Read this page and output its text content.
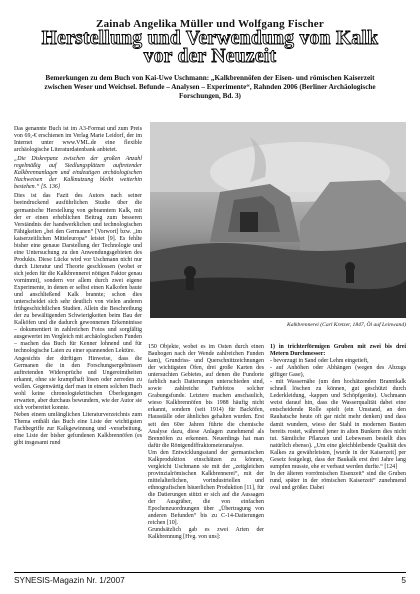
Zainab Angelika Müller und Wolfgang Fischer
Herstellung und Verwendung von Kalk
vor der Neuzeit
Bemerkungen zu dem Buch von Kai-Uwe Uschmann: „Kalkbrennöfen der Eisen- und römischen Kaiserzeit zwischen Weser und Weichsel. Befunde – Analysen – Experimente“, Rahnden 2006 (Berliner Archäologische Forschungen, Bd. 3)

Das genannte Buch ist im A3-Format und zum Preis von 69,-€ erschienen im Verlag Marie Leidorf, der im Internet unter www.VML.de eine flexible archäologische Literaturdatenbank anbietet.

„Die Diskrepanz zwischen der großen Anzahl regelmäßig auf Siedlungsplätzen auftretender Kalkbrennanlagen und eindeutigen archäologischen Nachweisen der Kalknutzung bleibt weiterhin bestehen.“ [S. 136]

Dies ist das Fazit des Autors nach seiner beeindruckend ausführlichen Studie über die germanische Herstellung von gebranntem Kalk, mit der er einen erheblichen Beitrag zum besseren Verständnis der handwerklichen und technologischen Fähigkeiten „bei den Germanen“ [Vorwort] bzw. „im kaiserzeitlichen Mitteleuropa“ leistet [9]. Es fehlte bisher eine genaue Darstellung der Technologie und eine Untersuchung zu den Anwendungsgebieten des Produkts. Diese Lücke wird vor Uschmann nicht nur durch Literatur und Theorie geschlossen (wobei er sich jeden für die Kalkbrennerei nötigen Faktor genau vornimmt), sondern vor allem durch zwei eigene Experimente, in denen er selbst einen Kalkofen baute und anschließend Kalk brannte; schon dies unterscheidet sich sehr deutlich von vielen anderen frühgeschichtlichen Studien. Allein die Beschreibung der zu bewältigenden Schwierigkeiten beim Bau der Kalköfen und die dadurch gewonnenen Erkenntnisse – dokumentiert in zahlreichen Fotos und sorgfältig ausgewertet im Vergleich mit archäologischen Funden – machen das Buch für Kenner lohnend und für technologische Laien zu einer spannenden Lektüre.

Angesichts der dürftigen Hinweise, dass die Germanen die in den Forschungsergebnissen auftretenden Widersprüche und Ungereimtheiten erkannt, ohne sie krampfhaft lösen oder zerreden zu wollen. Gegenwärtig darf man in einem solchen Buch wohl keine chronologiekritischen Überlegungen erwarten, aber durchaus bewundern, wie der Autor sie sich vorbereitet konnte.

Neben einem umfänglichen Literaturverzeichnis zum Thema enthält das Buch eine Liste der wichtigsten Fachbegriffe zur Kalkgewinnung und -verarbeitung, eine Liste der bisher gefundenen Kalkbrennöfen (es gibt insgesamt rund

Kalkbrennerei (Carl Kretzer, 1847, Öl auf Leinwand)

150 Objekte, wobei es im Osten durch einen Baubogen nach der Wende zahlreichen Funden kam), Grundriss- und Querschnittzeichnungen der wichtigsten Öfen, drei große Karten des untersuchten Gebietes, auf denen die Fundorte farblich nach Datierungen unterschieden sind, sowie zahlreiche Farbfotos solcher Grabungsfunde. Letztere machen anschaulich, wieso Kalkbrennöfen bis 1988 häufig nicht erkannt, sondern (seit 1914) für Backöfen, Hausställe oder ähnliches gehalten wurden. Erst seit den 60er Jahren führte die chemische Analyse dazu, diese Anlagen zunehmend als Brennöfen zu erkennen. Neuerdings hat man dafür die Röntgendiffraktometeranalyse.

Um den Entwicklungsstand der germanischen Kalkproduktion einschätzen zu können, vergleicht Uschmann sie mit der „zeitgleichen provinzialrömischen Kalkbrennerei“, mit der mittelalterlichen, vorindustriellen und ethnografischen bäuerlichen Produktion [11], für die Datierungen stützt er sich auf die Aussagen der Ausgräber, die von einfachen Epochenzuordnungen über „Übertragung von anderen Befunden“ bis zu C-14-Datierungen reichen [10].

Grundsätzlich gab es zwei Arten der Kalkbrennung [Hvg. von uns]:

1) in trichterförmigen Gruben mit zwei bis drei Metern Durchmesser:

- bevorzugt in Sand oder Lehm eingetieft,

- auf Anhöhen oder Abhängen (wegen des Abzugs giftiger Gase),

- mit Wassernähe (um den hochätzenden Branntkalk schnell löschen zu können, gut geschützt durch Lederkleidung, -kappen und Schöpfgeräte). Uschmann weist darauf hin, dass die Wasserqualität dabei eine entscheidende Rolle spielt (ein Umstand, an den Rauhatsche heute oft gar nicht mehr denken) und dass damit wundern, wieso der Stahl in modernen Bauten bereits rostet, während jener in alten Bunkern dies nicht tut. Sämtliche Pflanzen und Lebewesen bestellt dies natürlich ebenso). „Um eine gleichbleibende Qualität des Kalkes zu gewährleisten, [wurde in der Kaiserzeit] per Gesetz festgelegt, dass der Baukalk erst drei Jahre lang sumpfen musste, ehe er verbaut werden durfte.“ [124]

In der älteren vorrömischen Eisenzeit“ sind die Gruben rund, später in der römischen Kaiserzeit“ zunehmend oval und größer. Dabei

SYNESIS-Magazin Nr. 1/2007	5
